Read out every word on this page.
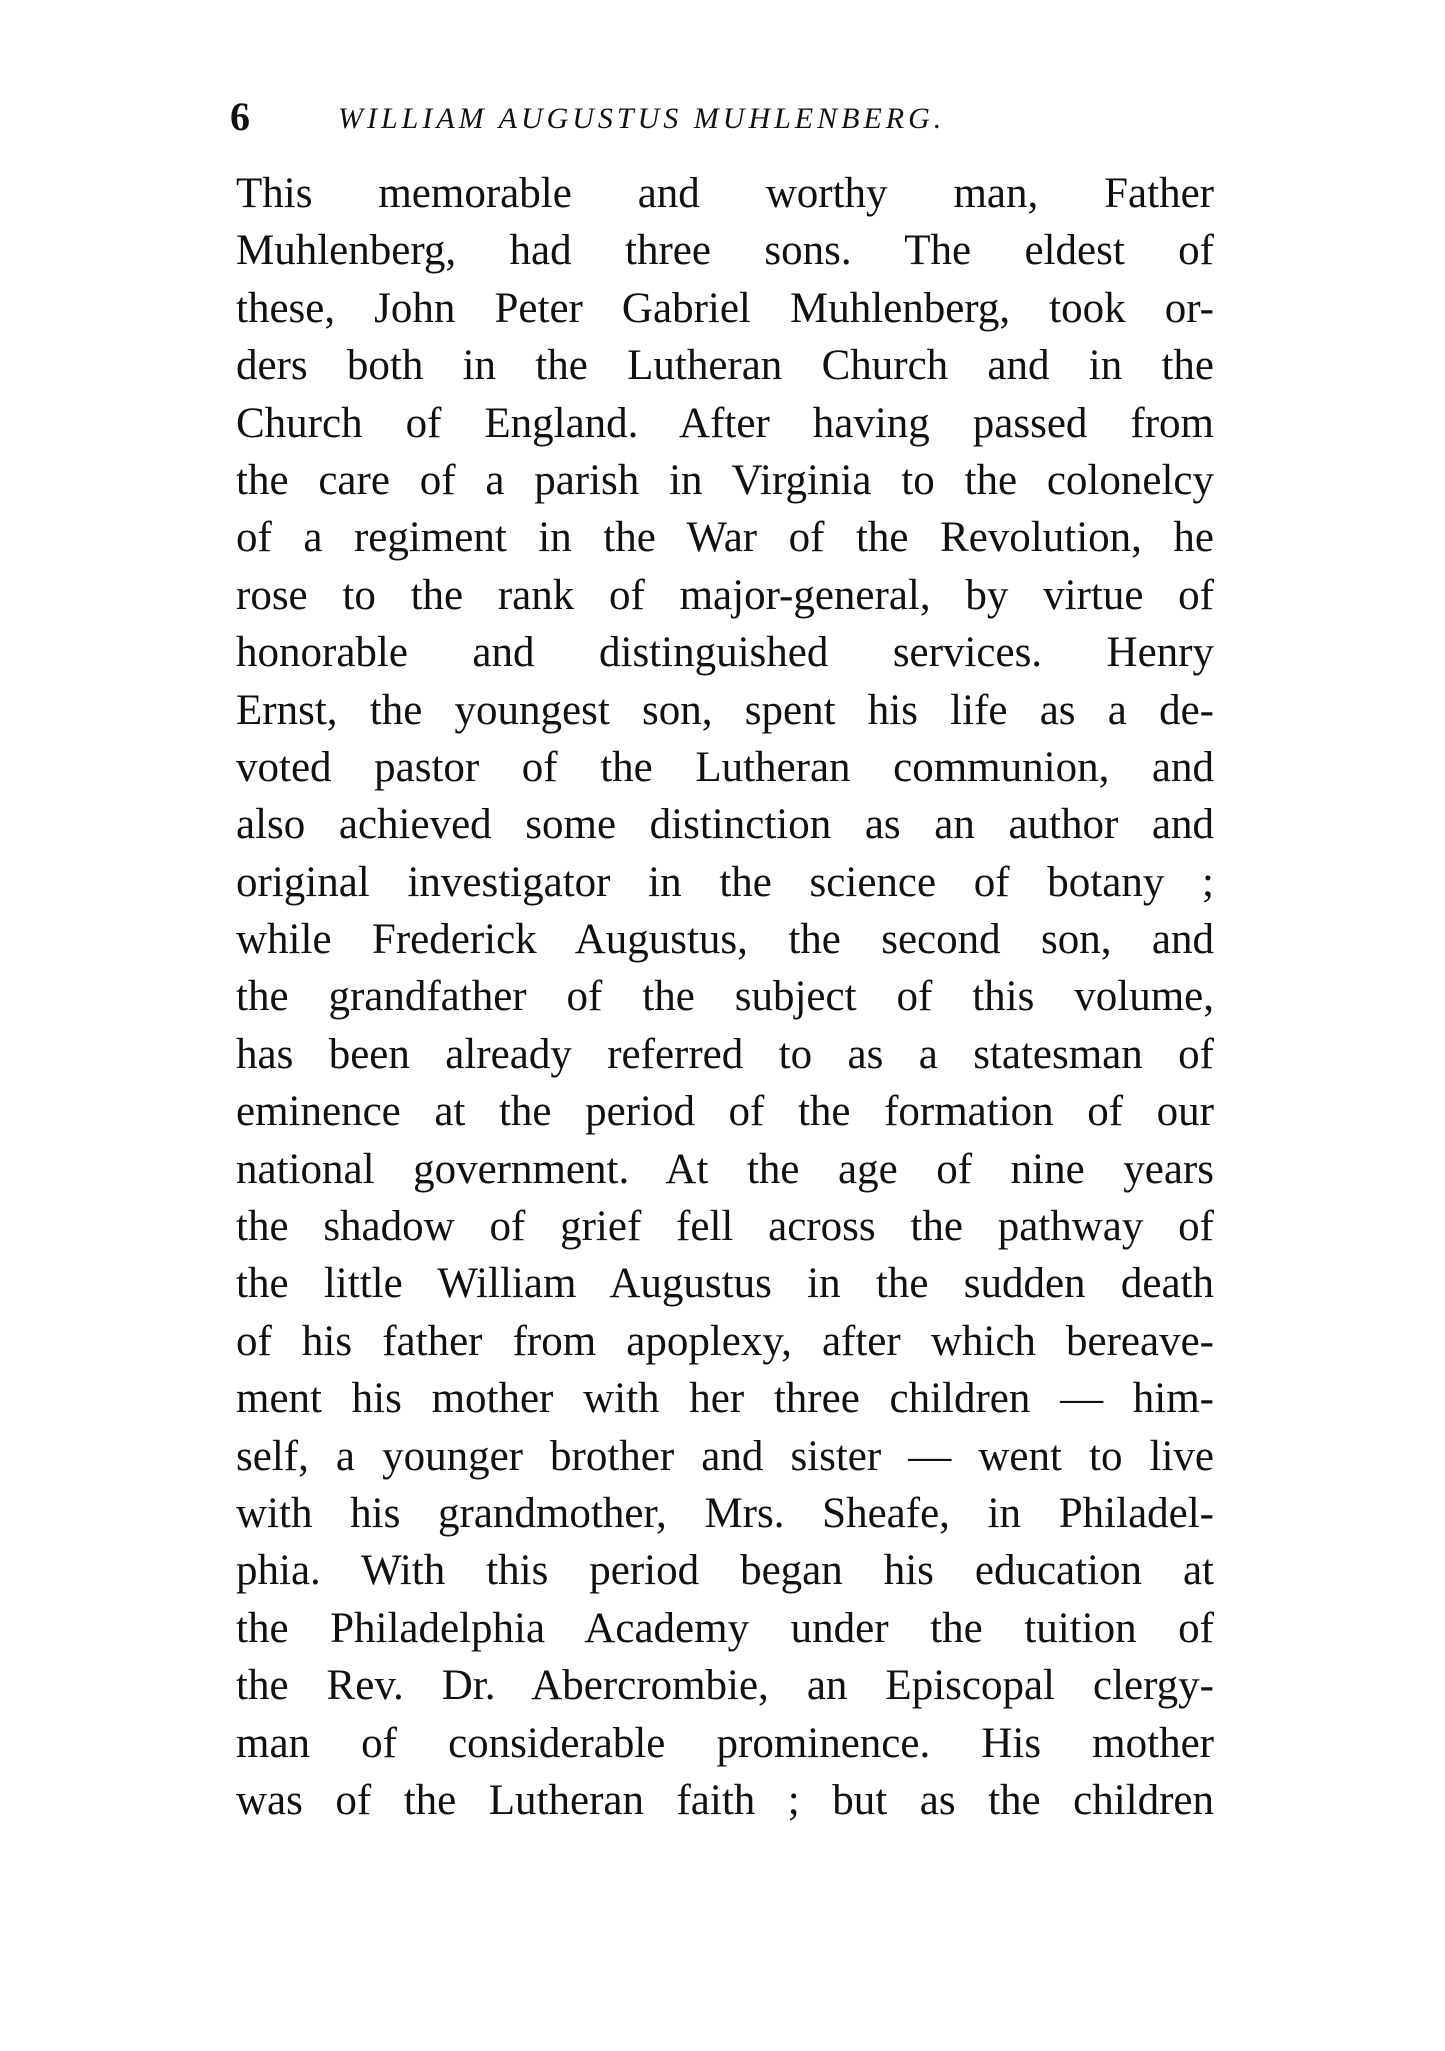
6	WILLIAM AUGUSTUS MUHLENBERG.
This memorable and worthy man, Father
Muhlenberg, had three sons. The eldest of
these, John Peter Gabriel Muhlenberg, took or-
ders both in the Lutheran Church and in the
Church of England. After having passed from
the care of a parish in Virginia to the colonelcy
of a regiment in the War of the Revolution, he
rose to the rank of major-general, by virtue of
honorable and distinguished services. Henry
Ernst, the youngest son, spent his life as a de-
voted pastor of the Lutheran communion, and
also achieved some distinction as an author and
original investigator in the science of botany ;
while Frederick Augustus, the second son, and
the grandfather of the subject of this volume,
has been already referred to as a statesman of
eminence at the period of the formation of our
national government. At the age of nine years
the shadow of grief fell across the pathway of
the little William Augustus in the sudden death
of his father from apoplexy, after which bereave-
ment his mother with her three children — him-
self, a younger brother and sister — went to live
with his grandmother, Mrs. Sheafe, in Philadel-
phia. With this period began his education at
the Philadelphia Academy under the tuition of
the Rev. Dr. Abercrombie, an Episcopal clergy-
man of considerable prominence. His mother
was of the Lutheran faith ; but as the children
